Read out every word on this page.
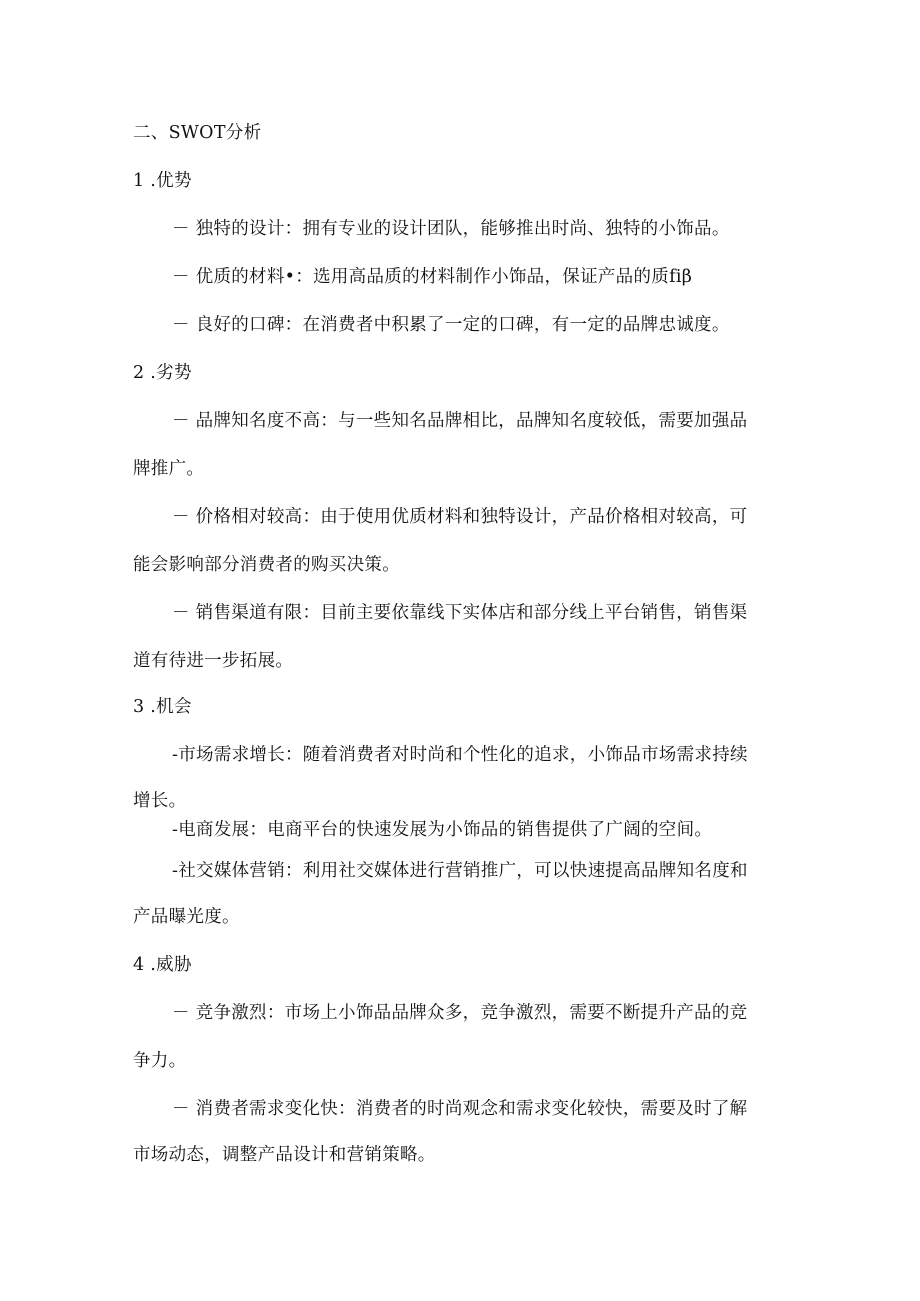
二、SWOT分析
1 .优势
－ 独特的设计：拥有专业的设计团队，能够推出时尚、独特的小饰品。
－ 优质的材料•：选用高品质的材料制作小饰品，保证产品的质fiβ
－ 良好的口碑：在消费者中积累了一定的口碑，有一定的品牌忠诚度。
2 .劣势
－ 品牌知名度不高：与一些知名品牌相比，品牌知名度较低，需要加强品
牌推广。
－ 价格相对较高：由于使用优质材料和独特设计，产品价格相对较高，可
能会影响部分消费者的购买决策。
－ 销售渠道有限：目前主要依靠线下实体店和部分线上平台销售，销售渠
道有待进一步拓展。
3 .机会
-市场需求增长：随着消费者对时尚和个性化的追求，小饰品市场需求持续
增长。
-电商发展：电商平台的快速发展为小饰品的销售提供了广阔的空间。
-社交媒体营销：利用社交媒体进行营销推广，可以快速提高品牌知名度和
产品曝光度。
4 .威胁
－ 竞争激烈：市场上小饰品品牌众多，竞争激烈，需要不断提升产品的竞
争力。
－ 消费者需求变化快：消费者的时尚观念和需求变化较快，需要及时了解
市场动态，调整产品设计和营销策略。
